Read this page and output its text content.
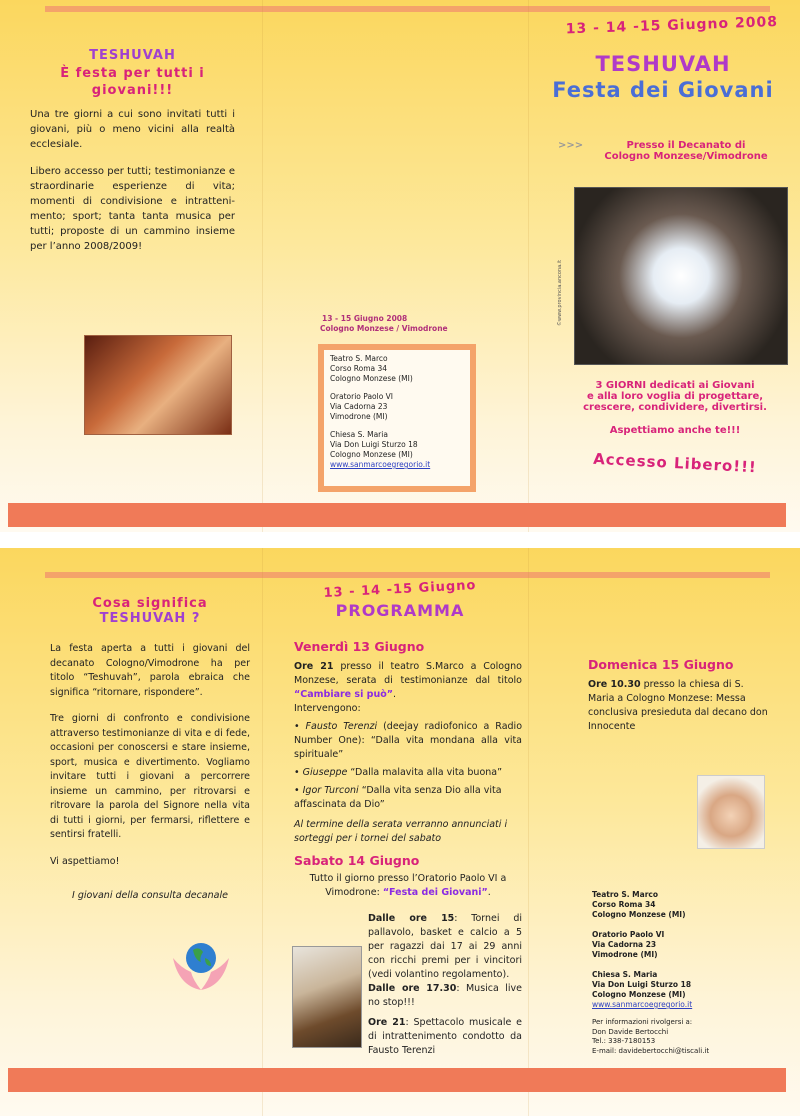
TESHUVAH
È festa per tutti i giovani!!!

Una tre giorni a cui sono invitati tutti i giovani, più o meno vicini alla realtà ecclesiale.

Libero accesso per tutti; testimonianze e straordinarie esperienze di vita; momenti di condivisione e intratteni-mento; sport; tanta tanta musica per tutti; proposte di un cammino insieme per l’anno 2008/2009!

13 - 15 Giugno 2008
Cologno Monzese / Vimodrone
Teatro S. Marco
Corso Roma 34
Cologno Monzese (MI)
Oratorio Paolo VI
Via Cadorna 23
Vimodrone (MI)
Chiesa S. Maria
Via Don Luigi Sturzo 18
Cologno Monzese (MI)
www.sanmarcoegregorio.it
13 - 14 -15 Giugno 2008
TESHUVAH
Festa dei Giovani
>>>	Presso il Decanato di
Cologno Monzese/Vimodrone
©www.provincia.ancona.it
3 GIORNI dedicati ai Giovani
e alla loro voglia di progettare,
crescere, condividere, divertirsi.
Aspettiamo anche te!!!
Accesso Libero!!!
Cosa significa
TESHUVAH ?

La festa aperta a tutti i giovani del decanato Cologno/Vimodrone ha per titolo “Teshuvah”, parola ebraica che significa “ritornare, rispondere”.

Tre giorni di confronto e condivisione attraverso testimonianze di vita e di fede, occasioni per conoscersi e stare insieme, sport, musica e divertimento. Vogliamo invitare tutti i giovani a percorrere insieme un cammino, per ritrovarsi e ritrovare la parola del Signore nella vita di tutti i giorni, per fermarsi, riflettere e sentirsi fratelli.

Vi aspettiamo!

I giovani della consulta decanale

13 - 14 -15 Giugno
PROGRAMMA
Venerdì 13 Giugno
Ore 21 presso il teatro S.Marco a Cologno Monzese, serata di testimonianze dal titolo “Cambiare si può”.
Intervengono:
• Fausto Terenzi (deejay radiofonico a Radio Number One): “Dalla vita mondana alla vita spirituale”
• Giuseppe “Dalla malavita alla vita buona”
• Igor Turconi “Dalla vita senza Dio alla vita affascinata da Dio”
Al termine della serata verranno annunciati i sorteggi per i tornei del sabato
Sabato 14 Giugno
Tutto il giorno presso l’Oratorio Paolo VI a Vimodrone: “Festa dei Giovani”.
Dalle ore 15: Tornei di pallavolo, basket e calcio a 5 per ragazzi dai 17 ai 29 anni con ricchi premi per i vincitori (vedi volantino regolamento).
Dalle ore 17.30: Musica live no stop!!!
Ore 21: Spettacolo musicale e di intrattenimento condotto da Fausto Terenzi
Domenica 15 Giugno
Ore 10.30 presso la chiesa di S. Maria a Cologno Monzese: Messa conclusiva presieduta dal decano don Innocente
Teatro S. Marco
Corso Roma 34
Cologno Monzese (MI)
Oratorio Paolo VI
Via Cadorna 23
Vimodrone (MI)
Chiesa S. Maria
Via Don Luigi Sturzo 18
Cologno Monzese (MI)
www.sanmarcoegregorio.it
Per informazioni rivolgersi a:
Don Davide Bertocchi
Tel.: 338-7180153
E-mail: davidebertocchi@tiscali.it
